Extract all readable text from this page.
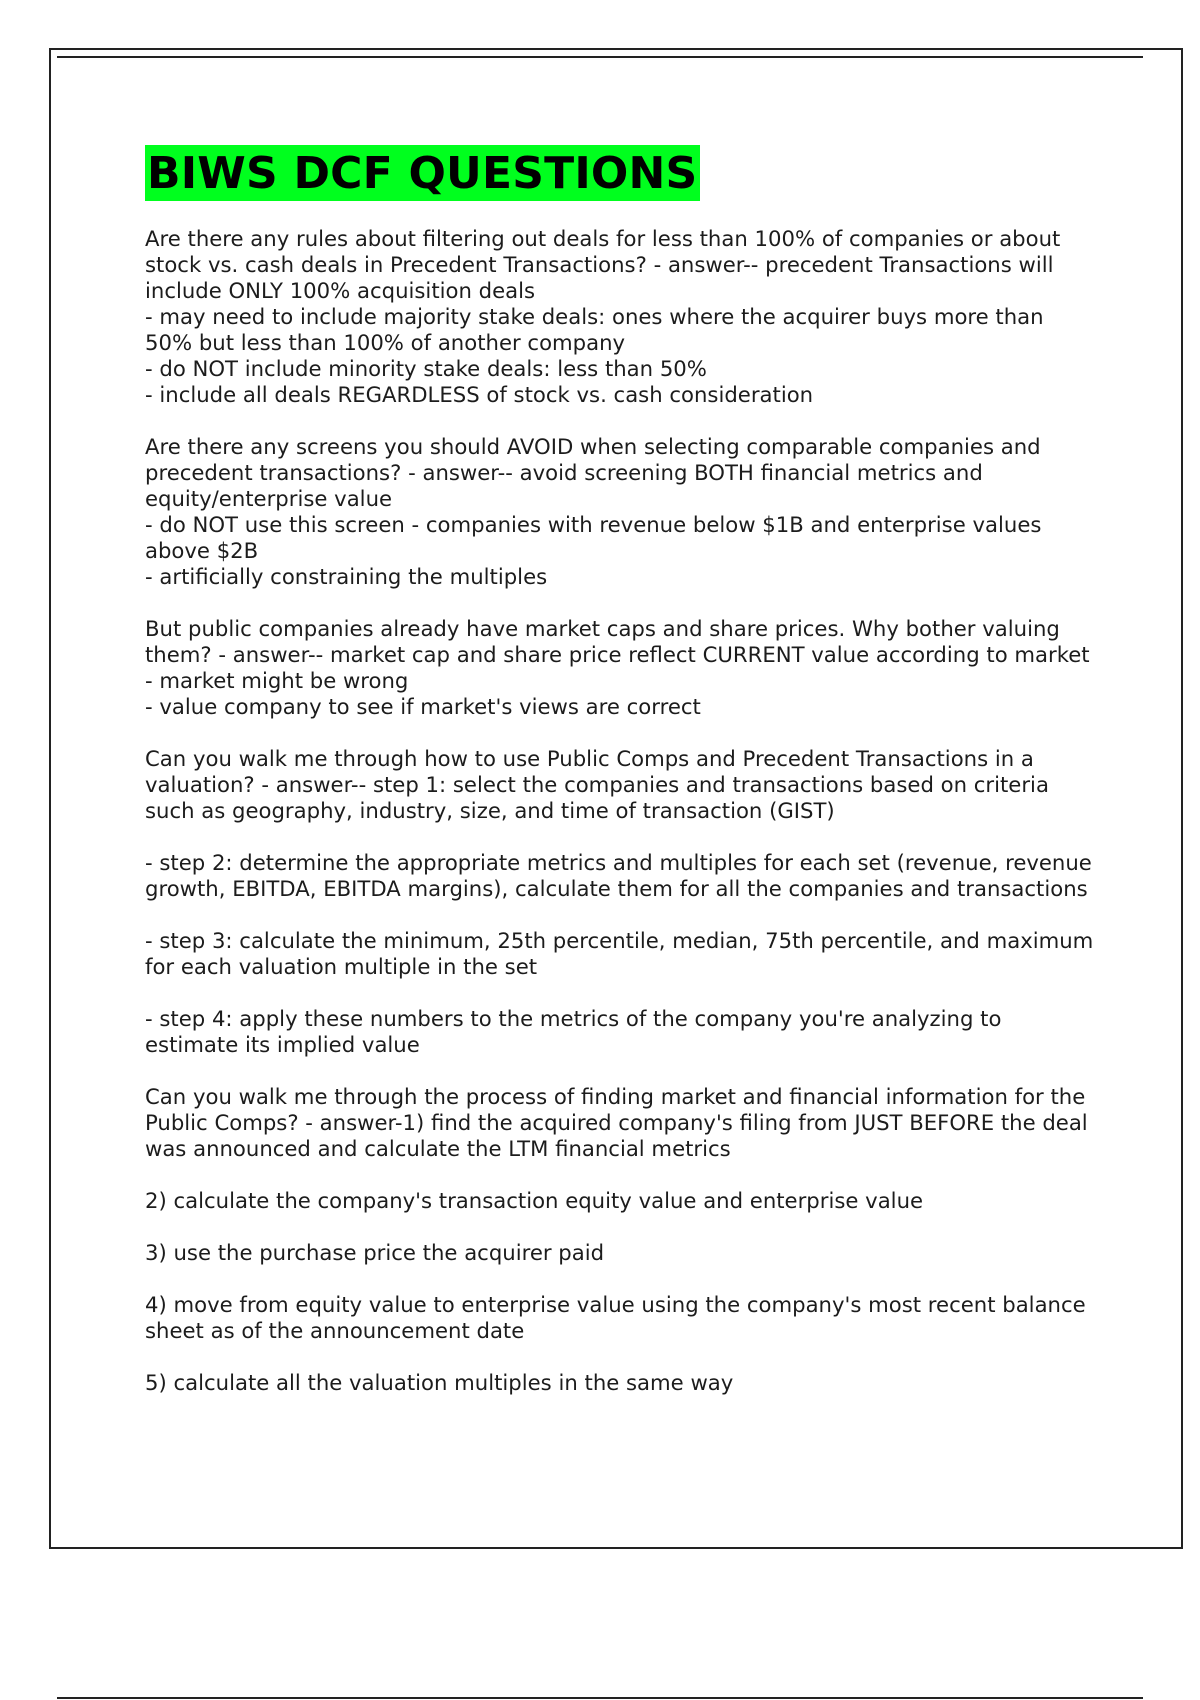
BIWS DCF QUESTIONS
Are there any rules about filtering out deals for less than 100% of companies or about stock vs. cash deals in Precedent Transactions? - answer-- precedent Transactions will include ONLY 100% acquisition deals
- may need to include majority stake deals: ones where the acquirer buys more than 50% but less than 100% of another company
- do NOT include minority stake deals: less than 50%
- include all deals REGARDLESS of stock vs. cash consideration
Are there any screens you should AVOID when selecting comparable companies and precedent transactions? - answer-- avoid screening BOTH financial metrics and equity/enterprise value
- do NOT use this screen - companies with revenue below $1B and enterprise values above $2B
- artificially constraining the multiples
But public companies already have market caps and share prices. Why bother valuing them? - answer-- market cap and share price reflect CURRENT value according to market
- market might be wrong
- value company to see if market's views are correct
Can you walk me through how to use Public Comps and Precedent Transactions in a valuation? - answer-- step 1: select the companies and transactions based on criteria such as geography, industry, size, and time of transaction (GIST)
- step 2: determine the appropriate metrics and multiples for each set (revenue, revenue growth, EBITDA, EBITDA margins), calculate them for all the companies and transactions
- step 3: calculate the minimum, 25th percentile, median, 75th percentile, and maximum for each valuation multiple in the set
- step 4: apply these numbers to the metrics of the company you're analyzing to estimate its implied value
Can you walk me through the process of finding market and financial information for the Public Comps? - answer-1) find the acquired company's filing from JUST BEFORE the deal was announced and calculate the LTM financial metrics
2) calculate the company's transaction equity value and enterprise value
3) use the purchase price the acquirer paid
4) move from equity value to enterprise value using the company's most recent balance sheet as of the announcement date
5) calculate all the valuation multiples in the same way
